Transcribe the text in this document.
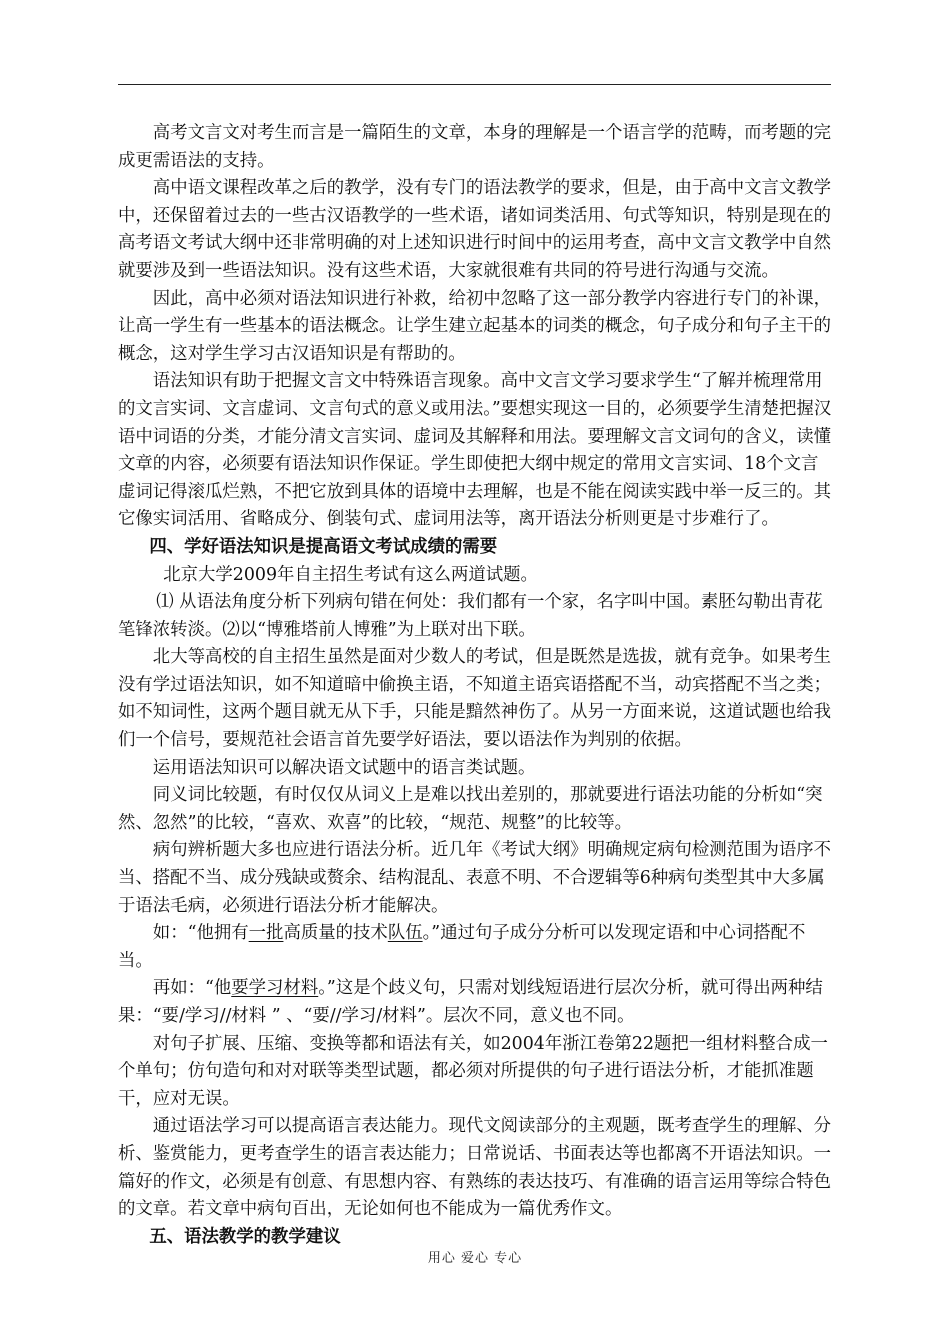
高考文言文对考生而言是一篇陌生的文章，本身的理解是一个语言学的范畴，而考题的完成更需语法的支持。

高中语文课程改革之后的教学，没有专门的语法教学的要求，但是，由于高中文言文教学中，还保留着过去的一些古汉语教学的一些术语，诸如词类活用、句式等知识，特别是现在的高考语文考试大纲中还非常明确的对上述知识进行时间中的运用考查，高中文言文教学中自然就要涉及到一些语法知识。没有这些术语，大家就很难有共同的符号进行沟通与交流。

因此，高中必须对语法知识进行补救，给初中忽略了这一部分教学内容进行专门的补课，让高一学生有一些基本的语法概念。让学生建立起基本的词类的概念，句子成分和句子主干的概念，这对学生学习古汉语知识是有帮助的。

语法知识有助于把握文言文中特殊语言现象。高中文言文学习要求学生“了解并梳理常用的文言实词、文言虚词、文言句式的意义或用法。”要想实现这一目的，必须要学生清楚把握汉语中词语的分类，才能分清文言实词、虚词及其解释和用法。要理解文言文词句的含义，读懂文章的内容，必须要有语法知识作保证。学生即使把大纲中规定的常用文言实词、18个文言虚词记得滚瓜烂熟，不把它放到具体的语境中去理解，也是不能在阅读实践中举一反三的。其它像实词活用、省略成分、倒装句式、虚词用法等，离开语法分析则更是寸步难行了。

四、学好语法知识是提高语文考试成绩的需要

北京大学2009年自主招生考试有这么两道试题。

⑴ 从语法角度分析下列病句错在何处：我们都有一个家，名字叫中国。素胚勾勒出青花笔锋浓转淡。⑵以“博雅塔前人博雅”为上联对出下联。

北大等高校的自主招生虽然是面对少数人的考试，但是既然是选拔，就有竞争。如果考生没有学过语法知识，如不知道暗中偷换主语，不知道主语宾语搭配不当，动宾搭配不当之类；如不知词性，这两个题目就无从下手，只能是黯然神伤了。从另一方面来说，这道试题也给我们一个信号，要规范社会语言首先要学好语法，要以语法作为判别的依据。

运用语法知识可以解决语文试题中的语言类试题。

同义词比较题，有时仅仅从词义上是难以找出差别的，那就要进行语法功能的分析如“突然、忽然”的比较，“喜欢、欢喜”的比较，“规范、规整”的比较等。

病句辨析题大多也应进行语法分析。近几年《考试大纲》明确规定病句检测范围为语序不当、搭配不当、成分残缺或赘余、结构混乱、表意不明、不合逻辑等6种病句类型其中大多属于语法毛病，必须进行语法分析才能解决。

如：“他拥有一批高质量的技术队伍。”通过句子成分分析可以发现定语和中心词搭配不当。

再如：“他要学习材料。”这是个歧义句，只需对划线短语进行层次分析，就可得出两种结果：“要/学习//材料 ” 、“要//学习/材料”。层次不同，意义也不同。

对句子扩展、压缩、变换等都和语法有关，如2004年浙江卷第22题把一组材料整合成一个单句；仿句造句和对对联等类型试题，都必须对所提供的句子进行语法分析，才能抓准题干，应对无误。

通过语法学习可以提高语言表达能力。现代文阅读部分的主观题，既考查学生的理解、分析、鉴赏能力，更考查学生的语言表达能力；日常说话、书面表达等也都离不开语法知识。一篇好的作文，必须是有创意、有思想内容、有熟练的表达技巧、有准确的语言运用等综合特色的文章。若文章中病句百出，无论如何也不能成为一篇优秀作文。

五、语法教学的教学建议

用心 爱心 专心
